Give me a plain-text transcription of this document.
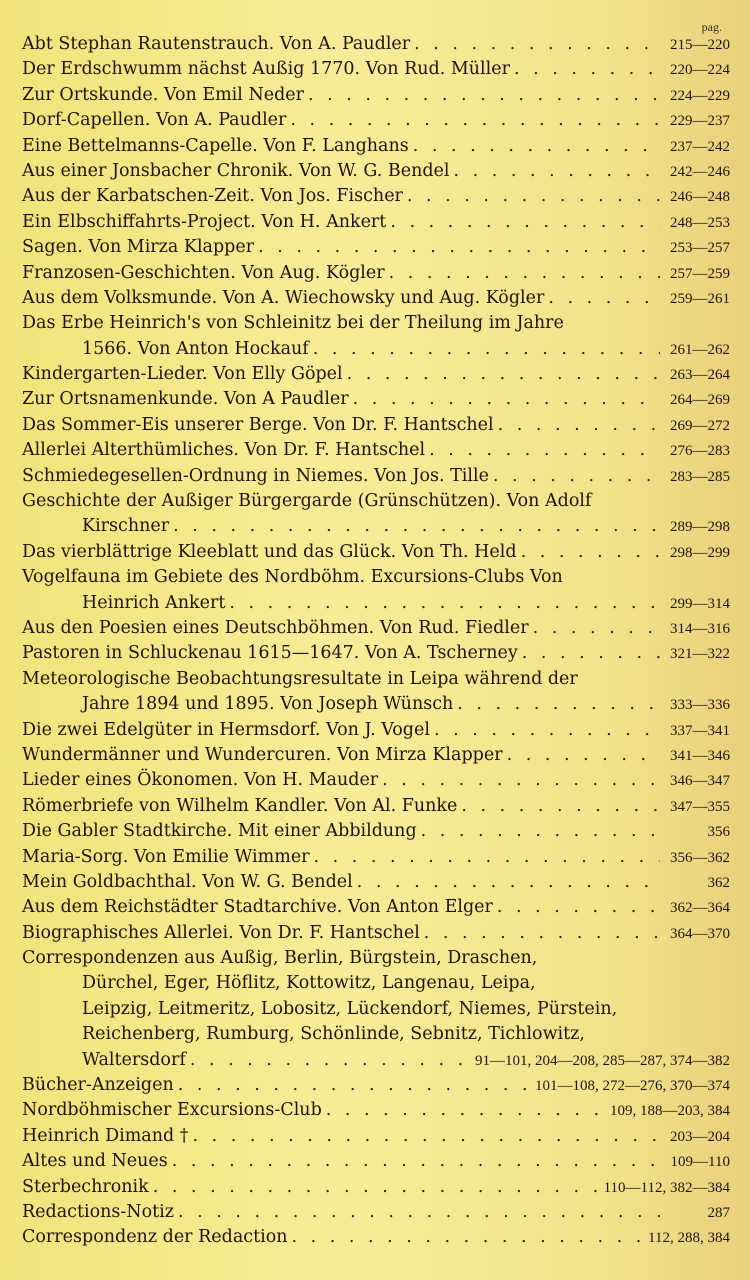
pag.
Abt Stephan Rautenstrauch. Von A. Paudler . . .	215—220
Der Erdschwumm nächst Außig 1770. Von Rud. Müller . . .	220—224
Zur Ortskunde. Von Emil Neder . . .	224—229
Dorf-Capellen. Von A. Paudler . . .	229—237
Eine Bettelmanns-Capelle. Von F. Langhans . . .	237—242
Aus einer Jonsbacher Chronik. Von W. G. Bendel . . .	242—246
Aus der Karbatschen-Zeit. Von Jos. Fischer . . .	246—248
Ein Elbschiffahrts-Project. Von H. Ankert . . .	248—253
Sagen. Von Mirza Klapper . . .	253—257
Franzosen-Geschichten. Von Aug. Kögler . . .	257—259
Aus dem Volksmunde. Von A. Wiechowsky und Aug. Kögler . . .	259—261
Das Erbe Heinrich's von Schleinitz bei der Theilung im Jahre
1566. Von Anton Hockauf . . .	261—262
Kindergarten-Lieder. Von Elly Göpel . . .	263—264
Zur Ortsnamenkunde. Von A Paudler . . .	264—269
Das Sommer-Eis unserer Berge. Von Dr. F. Hantschel . . .	269—272
Allerlei Alterthümliches. Von Dr. F. Hantschel . . .	276—283
Schmiedegesellen-Ordnung in Niemes. Von Jos. Tille . . .	283—285
Geschichte der Außiger Bürgergarde (Grünschützen). Von Adolf
Kirschner . . .	289—298
Das vierblättrige Kleeblatt und das Glück. Von Th. Held . . .	298—299
Vogelfauna im Gebiete des Nordböhm. Excursions-Clubs Von
Heinrich Ankert . . .	299—314
Aus den Poesien eines Deutschböhmen. Von Rud. Fiedler . . .	314—316
Pastoren in Schluckenau 1615—1647. Von A. Tscherney . . .	321—322
Meteorologische Beobachtungsresultate in Leipa während der
Jahre 1894 und 1895. Von Joseph Wünsch . . .	333—336
Die zwei Edelgüter in Hermsdorf. Von J. Vogel . . .	337—341
Wundermänner und Wundercuren. Von Mirza Klapper . . .	341—346
Lieder eines Ökonomen. Von H. Mauder . . .	346—347
Römerbriefe von Wilhelm Kandler. Von Al. Funke . . .	347—355
Die Gabler Stadtkirche. Mit einer Abbildung . . .	356
Maria-Sorg. Von Emilie Wimmer . . .	356—362
Mein Goldbachthal. Von W. G. Bendel . . .	362
Aus dem Reichstädter Stadtarchive. Von Anton Elger . . .	362—364
Biographisches Allerlei. Von Dr. F. Hantschel . . .	364—370
Correspondenzen aus Außig, Berlin, Bürgstein, Draschen,
Dürchel, Eger, Höflitz, Kottowitz, Langenau, Leipa,
Leipzig, Leitmeritz, Lobositz, Lückendorf, Niemes, Pürstein,
Reichenberg, Rumburg, Schönlinde, Sebnitz, Tichlowitz,
Waltersdorf . . .	91—101, 204—208, 285—287, 374—382
Bücher-Anzeigen . . .	101—108, 272—276, 370—374
Nordböhmischer Excursions-Club . . .	109, 188—203, 384
Heinrich Dimand † . . .	203—204
Altes und Neues . . .	109—110
Sterbechronik . . .	110—112, 382—384
Redactions-Notiz . . .	287
Correspondenz der Redaction . . .	112, 288, 384
